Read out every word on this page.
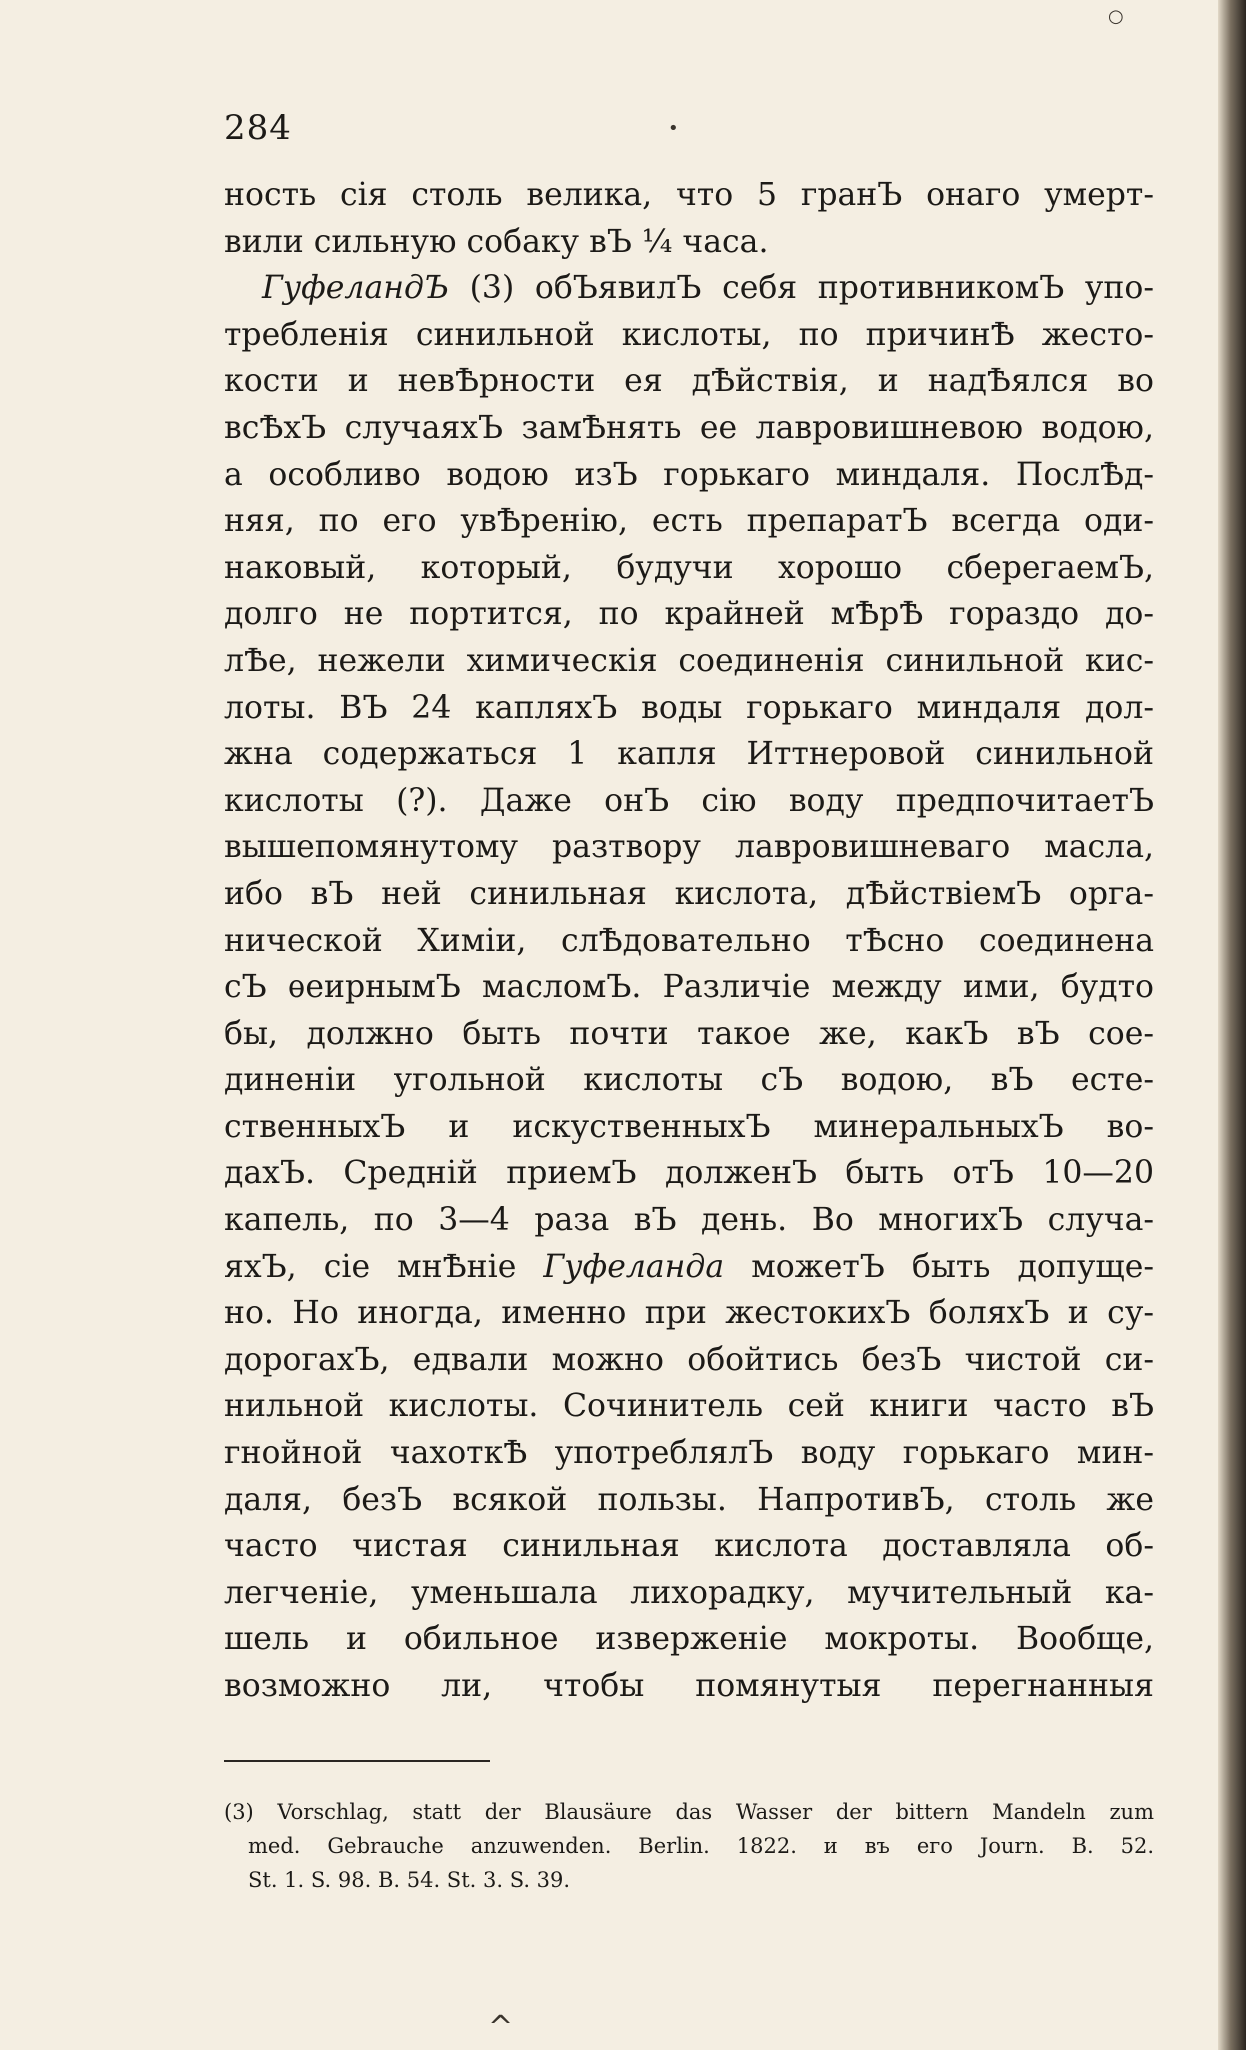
284	•
○
ность сія столь велика, что 5 гранЪ онаго умерт-
вили сильную собаку вЪ ¼ часа.
ГуфеландЪ (3) обЪявилЪ себя противникомЪ упо-
требленія синильной кислоты, по причинѢ жесто-
кости и невѢрности ея дѢйствія, и надѢялся во
всѢхЪ случаяхЪ замѢнять ее лавровишневою водою,
а особливо водою изЪ горькаго миндаля. ПослѢд-
няя, по его увѢренію, есть препаратЪ всегда оди-
наковый, который, будучи хорошо сберегаемЪ,
долго не портится, по крайней мѢрѢ гораздо до-
лѢе, нежели химическія соединенія синильной кис-
лоты. ВЪ 24 капляхЪ воды горькаго миндаля дол-
жна содержаться 1 капля Иттнеровой синильной
кислоты (?). Даже онЪ сію воду предпочитаетЪ
вышепомянутому разтвору лавровишневаго масла,
ибо вЪ ней синильная кислота, дѢйствіемЪ орга-
нической Химіи, слѢдовательно тѢсно соединена
сЪ ѳеирнымЪ масломЪ. Различіе между ими, будто
бы, должно быть почти такое же, какЪ вЪ сое-
диненіи угольной кислоты сЪ водою, вЪ есте-
ственныхЪ и искуственныхЪ минеральныхЪ во-
дахЪ. Средній приемЪ долженЪ быть отЪ 10—20
капель, по 3—4 раза вЪ день. Во многихЪ случа-
яхЪ, сіе мнѢніе Гуфеланда можетЪ быть допуще-
но. Но иногда, именно при жестокихЪ боляхЪ и су-
дорогахЪ, едвали можно обойтись безЪ чистой си-
нильной кислоты. Сочинитель сей книги часто вЪ
гнойной чахоткѢ употреблялЪ воду горькаго мин-
даля, безЪ всякой пользы. НапротивЪ, столь же
часто чистая синильная кислота доставляла об-
легченіе, уменьшала лихорадку, мучительный ка-
шель и обильное изверженіе мокроты. Вообще,
возможно ли, чтобы помянутыя перегнанныя
(3) Vorschlag, statt der Blausäure das Wasser der bittern Mandeln zum
med. Gebrauche anzuwenden. Berlin. 1822. и въ его Journ. B. 52.
St. 1. S. 98. B. 54. St. 3. S. 39.
^
